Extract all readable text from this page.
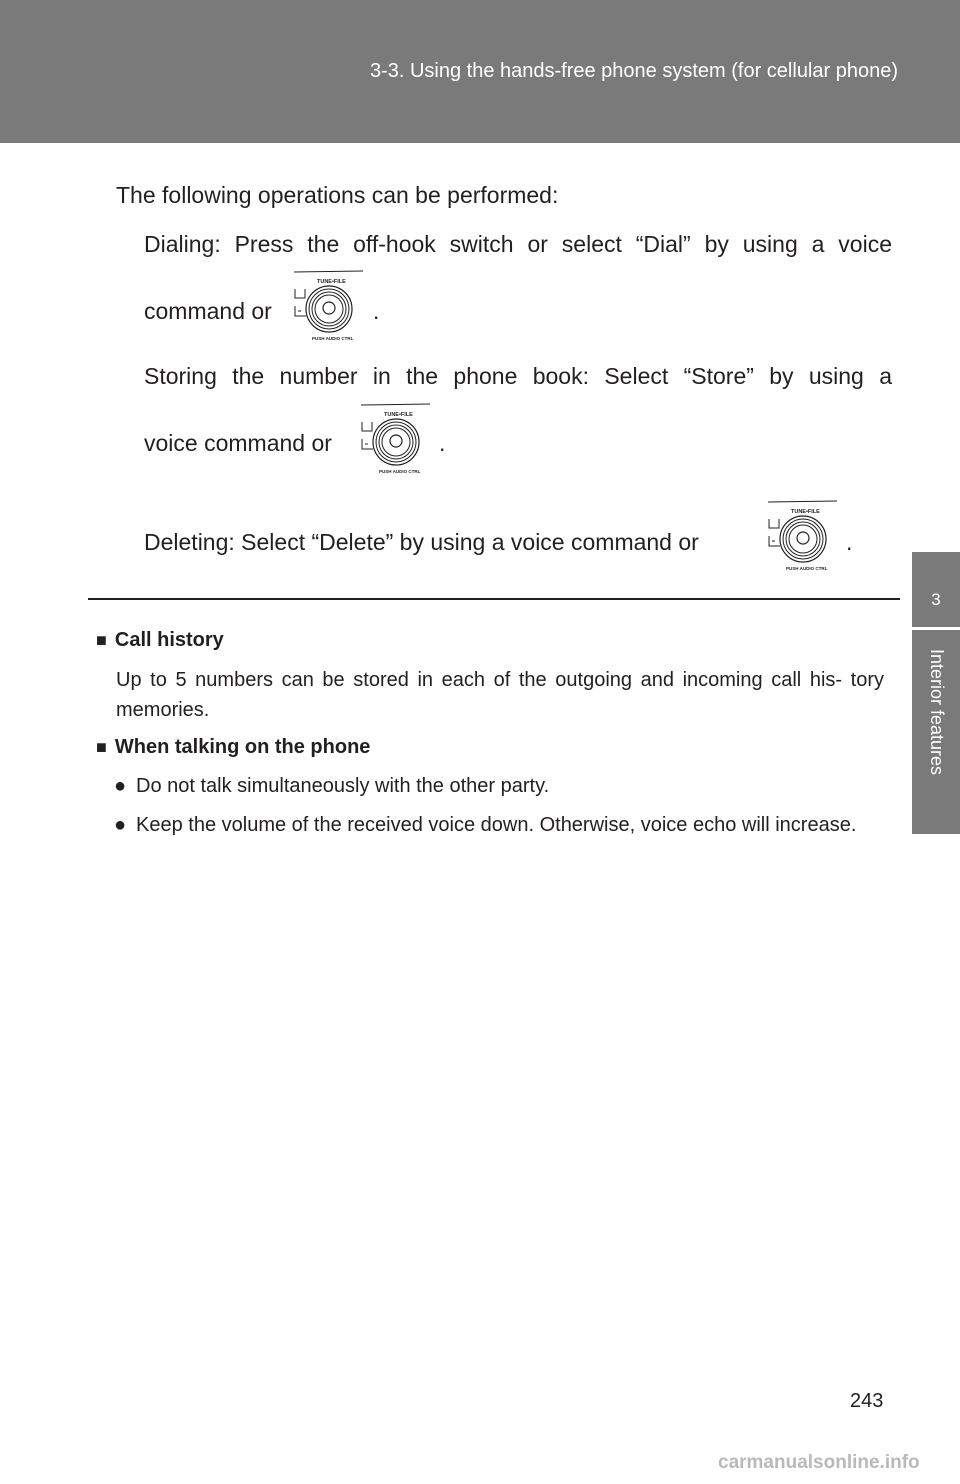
3-3. Using the hands-free phone system (for cellular phone)
3
Interior features
The following operations can be performed:
Dialing: Press the off-hook switch or select “Dial” by using a voice
command or	.
Storing the number in the phone book: Select “Store” by using a
voice command or	.
Deleting: Select “Delete” by using a voice command or	.
TUNE•FILE
PUSH AUDIO CTRL
TUNE•FILE
PUSH AUDIO CTRL
TUNE•FILE
PUSH AUDIO CTRL
■ Call history
Up to 5 numbers can be stored in each of the outgoing and incoming call his- tory memories.
■ When talking on the phone
● Do not talk simultaneously with the other party.
● Keep the volume of the received voice down. Otherwise, voice echo will increase.
243
carmanualsonline.info
